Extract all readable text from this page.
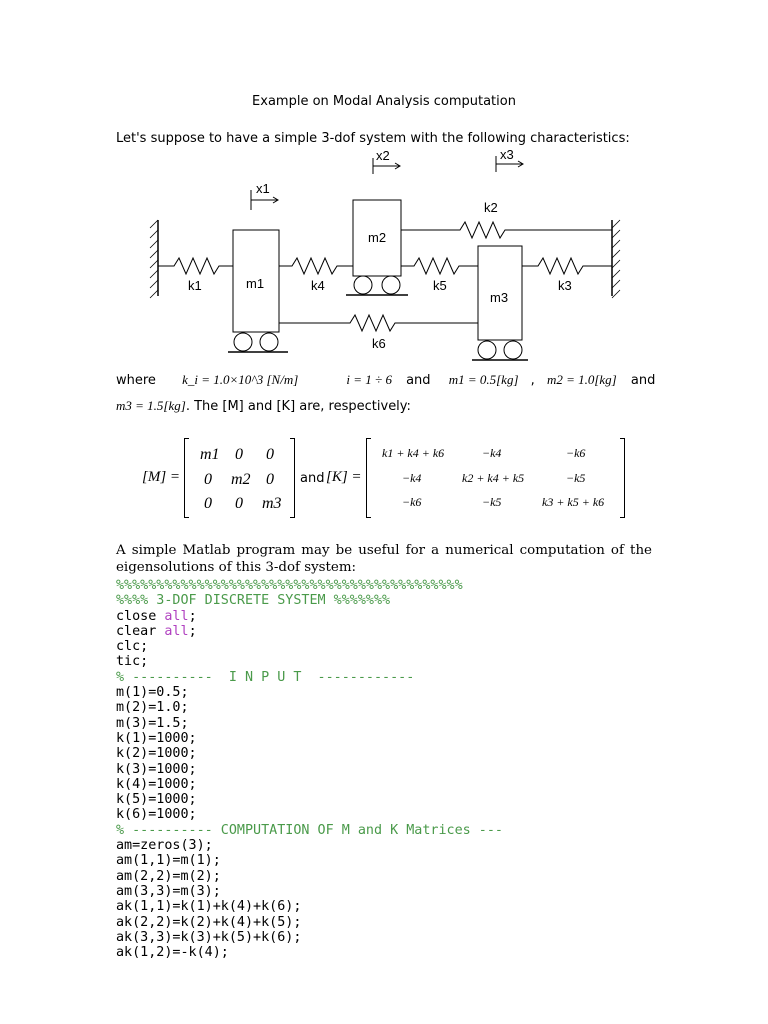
Example on Modal Analysis computation
Let's suppose to have a simple 3-dof system with the following characteristics:
x1
x2	x3
k1	k4	k5	k3
k2
k6
m1
m2
m3
where k_i = 1.0×10^3 [N/m]	i = 1 ÷ 6 and m1 = 0.5[kg] , m2 = 1.0[kg] and
m3 = 1.5[kg]. The [M] and [K] are, respectively:
[M] =
m1 0 0
0 m2 0
0 0 m3
and [K] =
k1 + k4 + k6	−k4	−k6
−k4	k2 + k4 + k5	−k5
−k6	−k5	k3 + k5 + k6
A simple Matlab program may be useful for a numerical computation of the eigensolutions of this 3-dof system:
%%%%%%%%%%%%%%%%%%%%%%%%%%%%%%%%%%%%%%%%%%%
%%%% 3-DOF DISCRETE SYSTEM %%%%%%%
close all;
clear all;
clc;
tic;
% ----------  I N P U T  ------------
m(1)=0.5;
m(2)=1.0;
m(3)=1.5;
k(1)=1000;
k(2)=1000;
k(3)=1000;
k(4)=1000;
k(5)=1000;
k(6)=1000;
% ---------- COMPUTATION OF M and K Matrices ---
am=zeros(3);
am(1,1)=m(1);
am(2,2)=m(2);
am(3,3)=m(3);
ak(1,1)=k(1)+k(4)+k(6);
ak(2,2)=k(2)+k(4)+k(5);
ak(3,3)=k(3)+k(5)+k(6);
ak(1,2)=-k(4);
